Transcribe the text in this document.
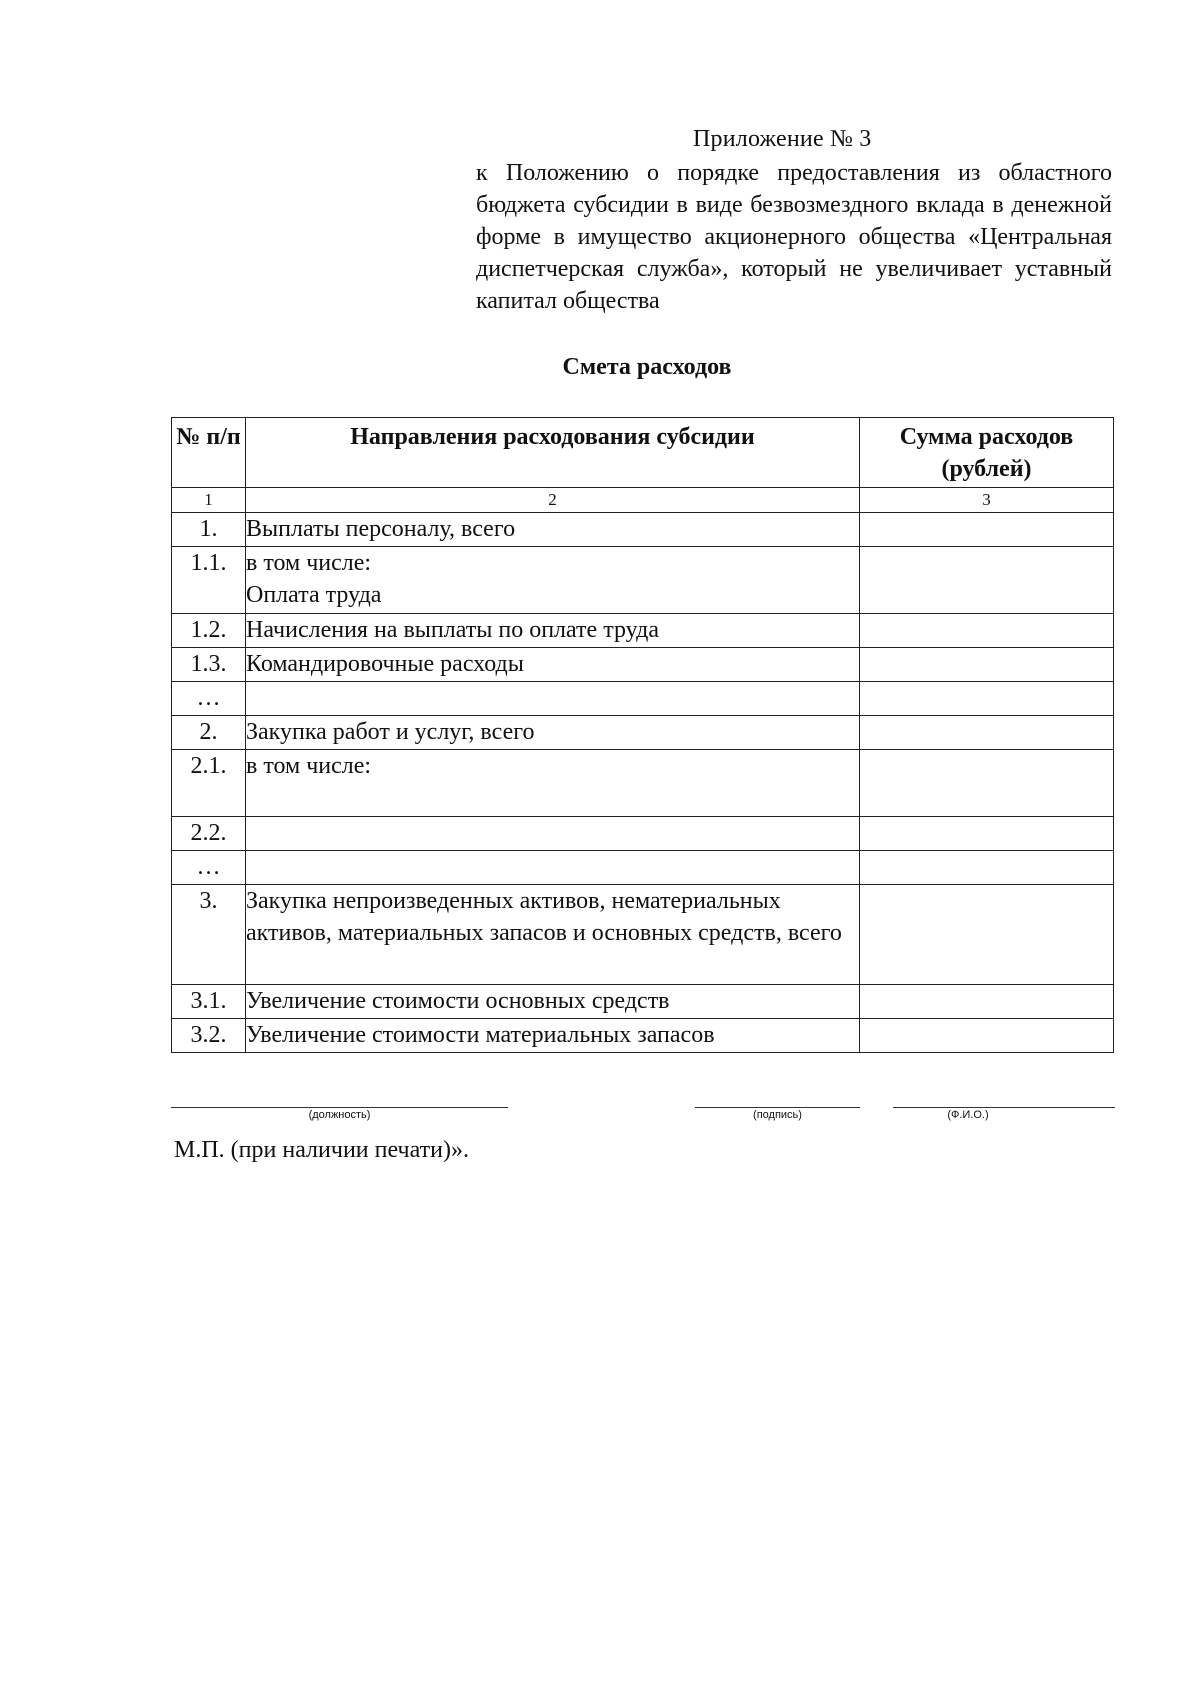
Приложение № 3
к Положению о порядке предоставления из областного бюджета субсидии в виде безвозмездного вклада в денежной форме в имущество акционерного общества «Центральная диспетчерская служба», который не увеличивает уставный капитал общества
Смета расходов
№ п/п	Направления расходования субсидии	Сумма расходов (рублей)
1	2	3
1.	Выплаты персоналу, всего	
1.1.	в том числе:
Оплата труда	
1.2.	Начисления на выплаты по оплате труда	
1.3.	Командировочные расходы	
…		
2.	Закупка работ и услуг, всего	
2.1.	в том числе:	
2.2.		
…		
3.	Закупка непроизведенных активов, нематериальных активов, материальных запасов и основных средств, всего	
3.1.	Увеличение стоимости основных средств	
3.2.	Увеличение стоимости материальных запасов	
(должность)	(подпись)	(Ф.И.О.)
М.П. (при наличии печати)».
